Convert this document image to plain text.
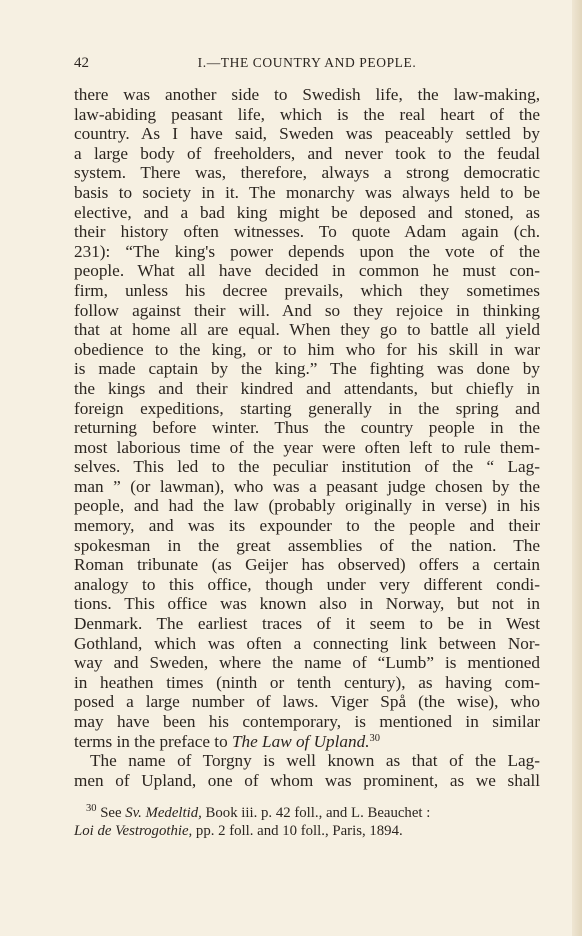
42	I.—THE COUNTRY AND PEOPLE.
there was another side to Swedish life, the law-making,
law-abiding peasant life, which is the real heart of the
country. As I have said, Sweden was peaceably settled by
a large body of freeholders, and never took to the feudal
system. There was, therefore, always a strong democratic
basis to society in it. The monarchy was always held to be
elective, and a bad king might be deposed and stoned, as
their history often witnesses. To quote Adam again (ch.
231): “The king's power depends upon the vote of the
people. What all have decided in common he must con-
firm, unless his decree prevails, which they sometimes
follow against their will. And so they rejoice in thinking
that at home all are equal. When they go to battle all yield
obedience to the king, or to him who for his skill in war
is made captain by the king.” The fighting was done by
the kings and their kindred and attendants, but chiefly in
foreign expeditions, starting generally in the spring and
returning before winter. Thus the country people in the
most laborious time of the year were often left to rule them-
selves. This led to the peculiar institution of the “ Lag-
man ” (or lawman), who was a peasant judge chosen by the
people, and had the law (probably originally in verse) in his
memory, and was its expounder to the people and their
spokesman in the great assemblies of the nation. The
Roman tribunate (as Geijer has observed) offers a certain
analogy to this office, though under very different condi-
tions. This office was known also in Norway, but not in
Denmark. The earliest traces of it seem to be in West
Gothland, which was often a connecting link between Nor-
way and Sweden, where the name of “Lumb” is mentioned
in heathen times (ninth or tenth century), as having com-
posed a large number of laws. Viger Spå (the wise), who
may have been his contemporary, is mentioned in similar
terms in the preface to The Law of Upland.$^{30}$
The name of Torgny is well known as that of the Lag-
men of Upland, one of whom was prominent, as we shall
$^{30}$ See Sv. Medeltid, Book iii. p. 42 foll., and L. Beauchet :
Loi de Vestrogothie, pp. 2 foll. and 10 foll., Paris, 1894.
